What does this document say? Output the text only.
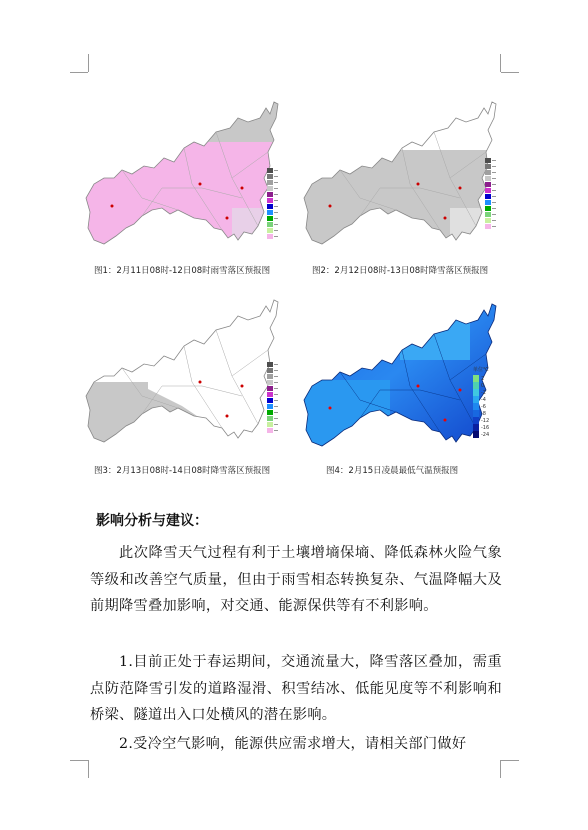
图1：2月11日08时-12日08时雨雪落区预报图	图2：2月12日08时-13日08时降雪落区预报图
图3：2月13日08时-14日08时降雪落区预报图
单位℃
2
0
-2
-4
-6
-8
-12
-16
-24
图4：2月15日凌晨最低气温预报图
影响分析与建议：
此次降雪天气过程有利于土壤增墒保墒、降低森林火险气象等级和改善空气质量，但由于雨雪相态转换复杂、气温降幅大及前期降雪叠加影响，对交通、能源保供等有不利影响。
1.目前正处于春运期间，交通流量大，降雪落区叠加，需重点防范降雪引发的道路湿滑、积雪结冰、低能见度等不利影响和桥梁、隧道出入口处横风的潜在影响。
2.受冷空气影响，能源供应需求增大，请相关部门做好
